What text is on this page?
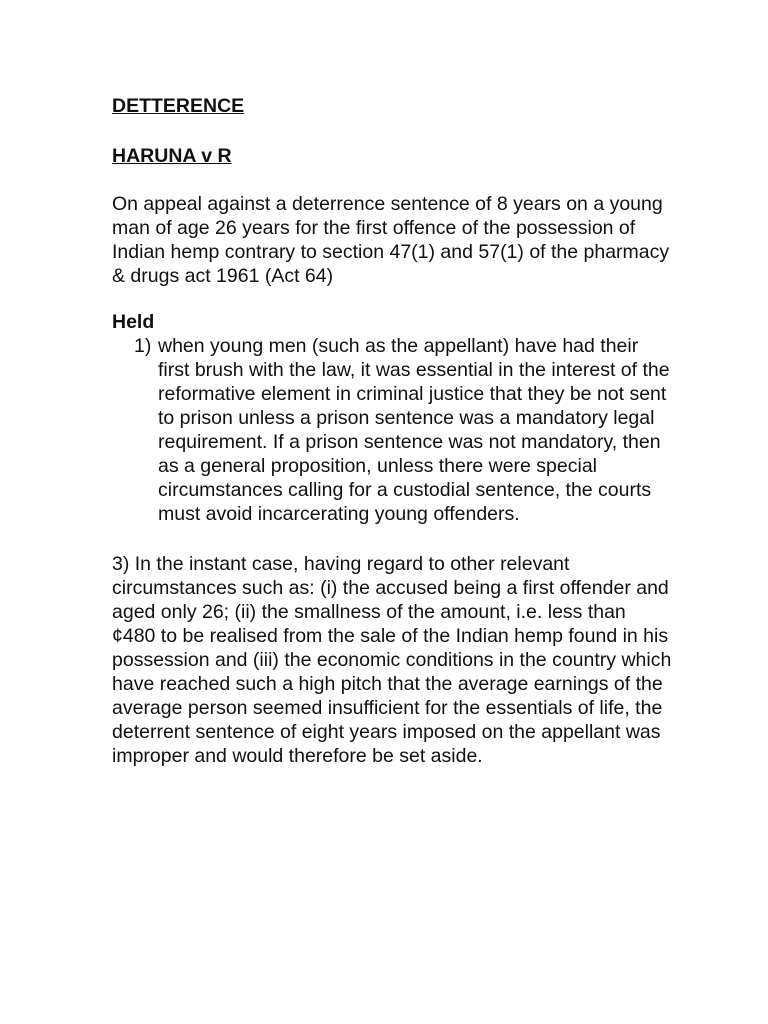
DETTERENCE

HARUNA v R

On appeal against a deterrence sentence of 8 years on a young man of age 26 years for the first offence of the possession of Indian hemp contrary to section 47(1) and 57(1) of the pharmacy & drugs act 1961 (Act 64)

Held

1) when young men (such as the appellant) have had their first brush with the law, it was essential in the interest of the reformative element in criminal justice that they be not sent to prison unless a prison sentence was a mandatory legal requirement. If a prison sentence was not mandatory, then as a general proposition, unless there were special circumstances calling for a custodial sentence, the courts must avoid incarcerating young offenders.

3) In the instant case, having regard to other relevant circumstances such as: (i) the accused being a first offender and aged only 26; (ii) the smallness of the amount, i.e. less than ¢480 to be realised from the sale of the Indian hemp found in his possession and (iii) the economic conditions in the country which have reached such a high pitch that the average earnings of the average person seemed insufficient for the essentials of life, the deterrent sentence of eight years imposed on the appellant was improper and would therefore be set aside.
